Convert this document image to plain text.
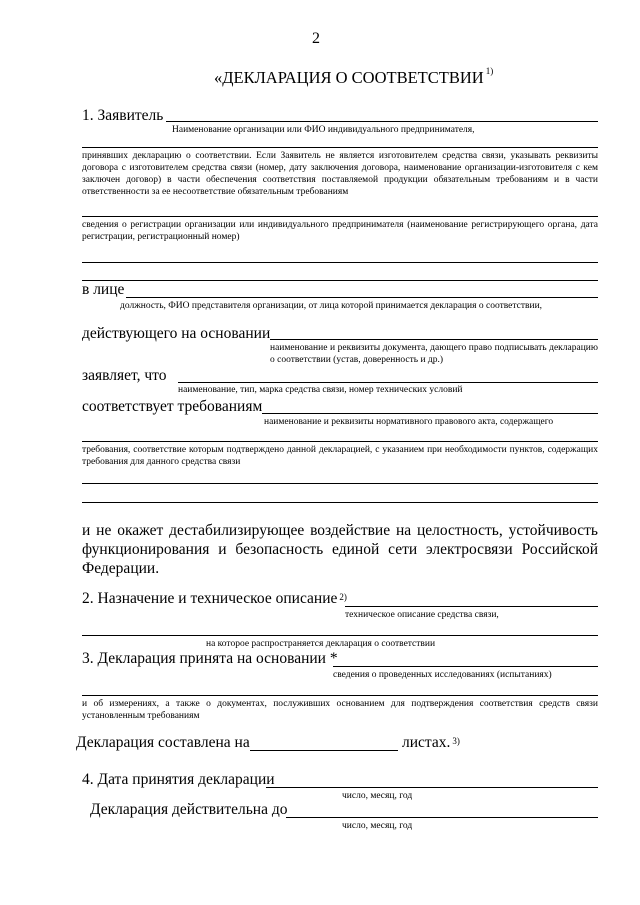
2
«ДЕКЛАРАЦИЯ О СООТВЕТСТВИИ $^{1)}$
1. Заявитель
Наименование организации или ФИО индивидуального предпринимателя,
принявших декларацию о соответствии. Если Заявитель не является изготовителем средства связи, указывать реквизиты договора с изготовителем средства связи (номер, дату заключения договора, наименование организации-изготовителя с кем заключен договор) в части обеспечения соответствия поставляемой продукции обязательным требованиям и в части ответственности за ее несоответствие обязательным требованиям
сведения о регистрации организации или индивидуального предпринимателя (наименование регистрирующего органа, дата регистрации, регистрационный номер)
в лице
должность, ФИО представителя организации, от лица которой принимается декларация о соответствии,
действующего на основании
наименование и реквизиты документа, дающего право подписывать декларацию о соответствии (устав, доверенность и др.)
заявляет, что
наименование, тип, марка средства связи, номер технических условий
соответствует требованиям
наименование и реквизиты нормативного правового акта, содержащего
требования, соответствие которым подтверждено данной декларацией, с указанием при необходимости пунктов, содержащих требования для данного средства связи
и не окажет дестабилизирующее воздействие на целостность, устойчивость функционирования и безопасность единой сети электросвязи Российской Федерации.
2. Назначение и техническое описание $^{2)}$
техническое описание средства связи,
на которое распространяется декларация о соответствии
3. Декларация принята на основании *
сведения о проведенных исследованиях (испытаниях)
и об измерениях, а также о документах, послуживших основанием для подтверждения соответствия средств связи установленным требованиям
Декларация составлена на	листах. $^{3)}$
4. Дата принятия декларации
число, месяц, год
Декларация действительна до
число, месяц, год
